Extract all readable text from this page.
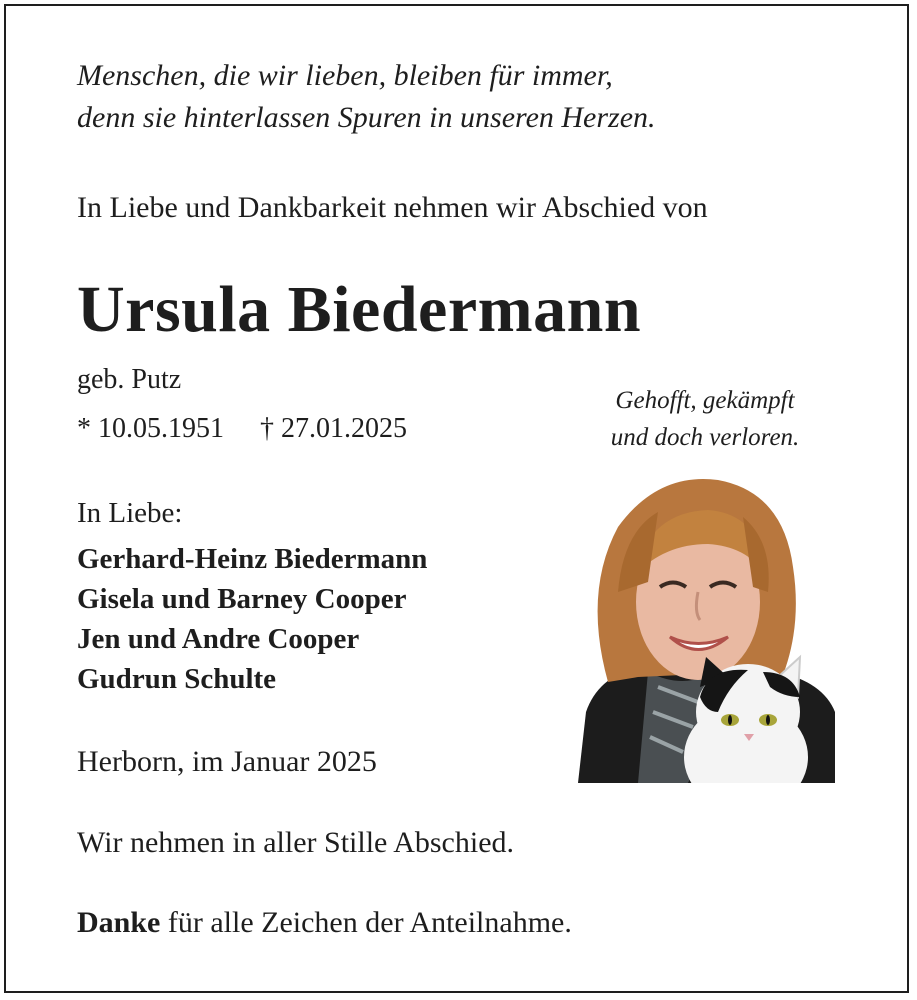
Menschen, die wir lieben, bleiben für immer,
denn sie hinterlassen Spuren in unseren Herzen.
In Liebe und Dankbarkeit nehmen wir Abschied von
Ursula Biedermann
geb. Putz
* 10.05.1951 † 27.01.2025
Gehofft, gekämpft
und doch verloren.
In Liebe:
Gerhard-Heinz Biedermann
Gisela und Barney Cooper
Jen und Andre Cooper
Gudrun Schulte
Herborn, im Januar 2025
Wir nehmen in aller Stille Abschied.
Danke für alle Zeichen der Anteilnahme.
